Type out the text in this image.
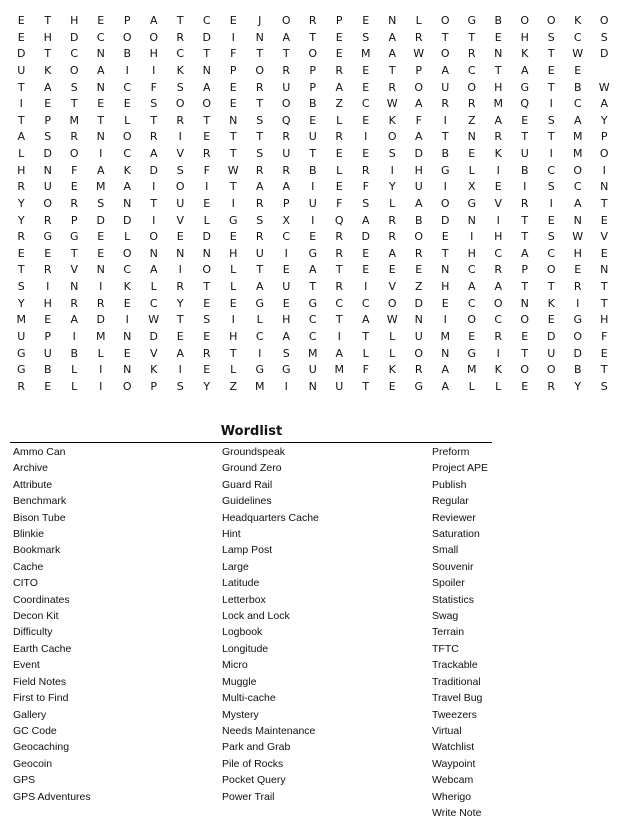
E T H E P A T C E J O R P E N L O G B O O K O
E H D C O O R D I N A T E S A R T T E H S C S
D T C N B H C T F T T O E M A W O R N K T W D
U K O A I I K N P O R P R E T P A C T A E E
T A S N C F S A E R U P A E R O U O H G T B W
I E T E E S O O E T O B Z C W A R R M Q I C A
T P M T L T R T N S Q E L E K F I Z A E S A Y
A S R N O R I E T T R U R I O A T N R T T M P
L D O I C A V R T S U T E E S D B E K U I M O
H N F A K D S F W R R B L R I H G L I B C O I
R U E M A I O I T A A I E F Y U I X E I S C N
Y O R S N T U E I R P U F S L A O G V R I A T
Y R P D D I V L G S X I Q A R B D N I T E N E
R G G E L O E D E R C E R D R O E I H T S W V
E E T E O N N N H U I G R E A R T H C A C H E
T R V N C A I O L T E A T E E E N C R P O E N
S I N I K L R T L A U T R I V Z H A A T T R T
Y H R R E C Y E E G E G C C O D E C O N K I T
M E A D I W T S I L H C T A W N I O C O E G H
U P I M N D E E H C A C I T L U M E R E D O F
G U B L E V A R T I S M A L L O N G I T U D E
G B L I N K I E L G G U M F K R A M K O O B T
R E L I O P S Y Z M I N U T E G A L L E R Y S
Wordlist
Ammo Can
Archive
Attribute
Benchmark
Bison Tube
Blinkie
Bookmark
Cache
CITO
Coordinates
Decon Kit
Difficulty
Earth Cache
Event
Field Notes
First to Find
Gallery
GC Code
Geocaching
Geocoin
GPS
GPS Adventures
Groundspeak
Ground Zero
Guard Rail
Guidelines
Headquarters Cache
Hint
Lamp Post
Large
Latitude
Letterbox
Lock and Lock
Logbook
Longitude
Micro
Muggle
Multi-cache
Mystery
Needs Maintenance
Park and Grab
Pile of Rocks
Pocket Query
Power Trail
Preform
Project APE
Publish
Regular
Reviewer
Saturation
Small
Souvenir
Spoiler
Statistics
Swag
Terrain
TFTC
Trackable
Traditional
Travel Bug
Tweezers
Virtual
Watchlist
Waypoint
Webcam
Wherigo
Write Note
